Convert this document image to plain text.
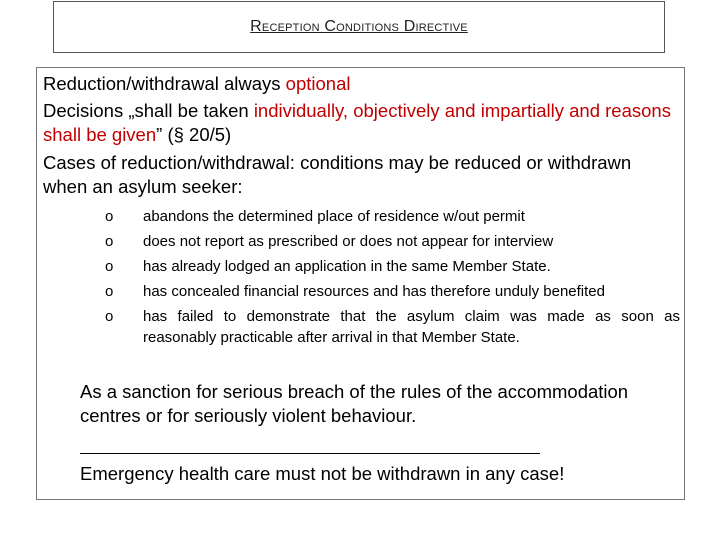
Reception Conditions Directive
Reduction/withdrawal always optional
Decisions „shall be taken individually, objectively and impartially and reasons shall be given” (§ 20/5)
Cases of reduction/withdrawal: conditions may be reduced or withdrawn when an asylum seeker:
o abandons the determined place of residence w/out permit
o does not report as prescribed or does not appear for interview
o has already lodged an application in the same Member State.
o has concealed financial resources and has therefore unduly benefited
o has failed to demonstrate that the asylum claim was made as soon as reasonably practicable after arrival in that Member State.
As a sanction for serious breach of the rules of the accommodation centres or for seriously violent behaviour.
Emergency health care must not be withdrawn in any case!
